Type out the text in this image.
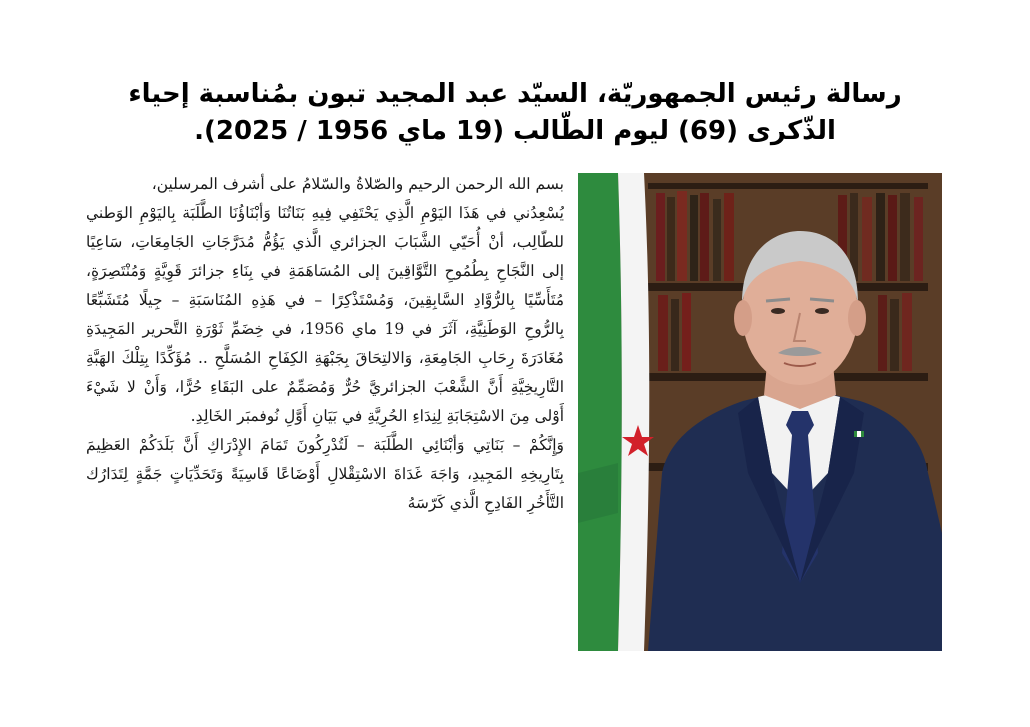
رسالة رئيس الجمهوريّة، السيّد عبد المجيد تبون بمُناسبة إحياء
الذّكرى (69) ليوم الطّالب (19 ماي 1956 / 2025).

بسم الله الرحمن الرحيم والصّلاةُ والسّلامُ على أشرف المرسلين،

يُسْعِدُني في هَذَا اليَوْمِ الَّذِي يَحْتَفِي فِيهِ بَنَاتُنَا وَأبْنَاؤُنَا الطَّلَبَة بِاليَوْمِ الوَطني للطّالِب، أنْ أُحَيّي الشَّبَابَ الجزائري الَّذي يَؤُمُّ مُدَرَّجَاتِ الجَامِعَاتِ، سَاعِيًا إلى النَّجَاحِ بِطُمُوحِ التَّوَّاقِينَ إلى المُسَاهَمَةِ في بِنَاءِ جزائرَ قَوِيَّةٍ وَمُنْتَصِرَةٍ، مُتَأَسِّيًا بِالرُّوَّادِ السَّابِقِينَ، وَمُسْتَذْكِرًا – في هَذِهِ المُنَاسَبَةِ – جِيلًا مُتَشَبِّعًا بِالرُّوحِ الوَطَنِيَّةِ، آثَرَ في 19 ماي 1956، في خِضَمِّ ثَوْرَةِ التَّحرير المَجِيدَةِ مُغَادَرَةَ رِحَابِ الجَامِعَةِ، وَالالتِحَاقَ بِجَبْهَةِ الكِفَاحِ المُسَلَّحِ .. مُؤَكِّدًا بِتِلْكَ الهَبَّةِ التَّارِيخِيَّةِ أَنَّ الشَّعْبَ الجزائريَّ حُرٌّ وَمُصَمِّمٌ على البَقَاءِ حُرًّا، وَأَنْ لا شَيْءَ أَوْلى مِنَ الاسْتِجَابَةِ لِنِدَاءِ الحُرِيَّةِ في بَيَانِ أَوَّلِ نُوفمبَر الخَالِدِ.

وَإِنَّكُمْ – بَنَاتِي وَأبْنَائِي الطَّلَبَة – لَتُدْرِكُونَ تَمَامَ الإِدْرَاكِ أَنَّ بَلَدَكُمْ العَظِيمَ بِتَارِيخِهِ المَجِيدِ، وَاجَهَ غَدَاةَ الاسْتِقْلالِ أَوْضَاعًا قَاسِيَةً وَتَحَدِّيَاتٍ جَمَّةٍ لِتَدَارُك التَّأَخُرِ الفَادِحِ الَّذي كَرّسَهُ
